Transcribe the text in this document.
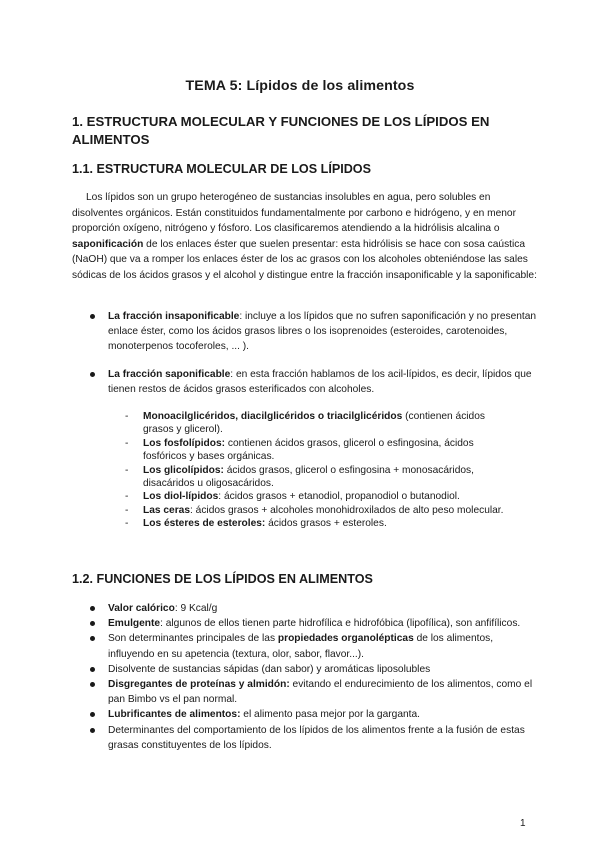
TEMA 5: Lípidos de los alimentos
1. ESTRUCTURA MOLECULAR Y FUNCIONES DE LOS LÍPIDOS EN ALIMENTOS
1.1. ESTRUCTURA MOLECULAR DE LOS LÍPIDOS

Los lípidos son un grupo heterogéneo de sustancias insolubles en agua, pero solubles en disolventes orgánicos. Están constituidos fundamentalmente por carbono e hidrógeno, y en menor proporción oxígeno, nitrógeno y fósforo. Los clasificaremos atendiendo a la hidrólisis alcalina o saponificación de los enlaces éster que suelen presentar: esta hidrólisis se hace con sosa caústica (NaOH) que va a romper los enlaces éster de los ac grasos con los alcoholes obteniéndose las sales sódicas de los ácidos grasos y el alcohol y distingue entre la fracción insaponificable y la saponificable:

La fracción insaponificable: incluye a los lípidos que no sufren saponificación y no presentan enlace éster, como los ácidos grasos libres o los isoprenoides (esteroides, carotenoides, monoterpenos tocoferoles, ... ).
La fracción saponificable: en esta fracción hablamos de los acil-lípidos, es decir, lípidos que tienen restos de ácidos grasos esterificados con alcoholes.
- Monoacilglicéridos, diacilglicéridos o triacilglicéridos (contienen ácidos grasos y glicerol).
- Los fosfolípidos: contienen ácidos grasos, glicerol o esfingosina, ácidos fosfóricos y bases orgánicas.
- Los glicolípidos: ácidos grasos, glicerol o esfingosina + monosacáridos, disacáridos u oligosacáridos.
- Los diol-lípidos: ácidos grasos + etanodiol, propanodiol o butanodiol.
- Las ceras: ácidos grasos + alcoholes monohidroxilados de alto peso molecular.
- Los ésteres de esteroles: ácidos grasos + esteroles.
1.2. FUNCIONES DE LOS LÍPIDOS EN ALIMENTOS
Valor calórico: 9 Kcal/g
Emulgente: algunos de ellos tienen parte hidrofílica e hidrofóbica (lipofílica), son anfifílicos.
Son determinantes principales de las propiedades organolépticas de los alimentos, influyendo en su apetencia (textura, olor, sabor, flavor...).
Disolvente de sustancias sápidas (dan sabor) y aromáticas liposolubles
Disgregantes de proteínas y almidón: evitando el endurecimiento de los alimentos, como el pan Bimbo vs el pan normal.
Lubrificantes de alimentos: el alimento pasa mejor por la garganta.
Determinantes del comportamiento de los lípidos de los alimentos frente a la fusión de estas grasas constituyentes de los lípidos.
1
